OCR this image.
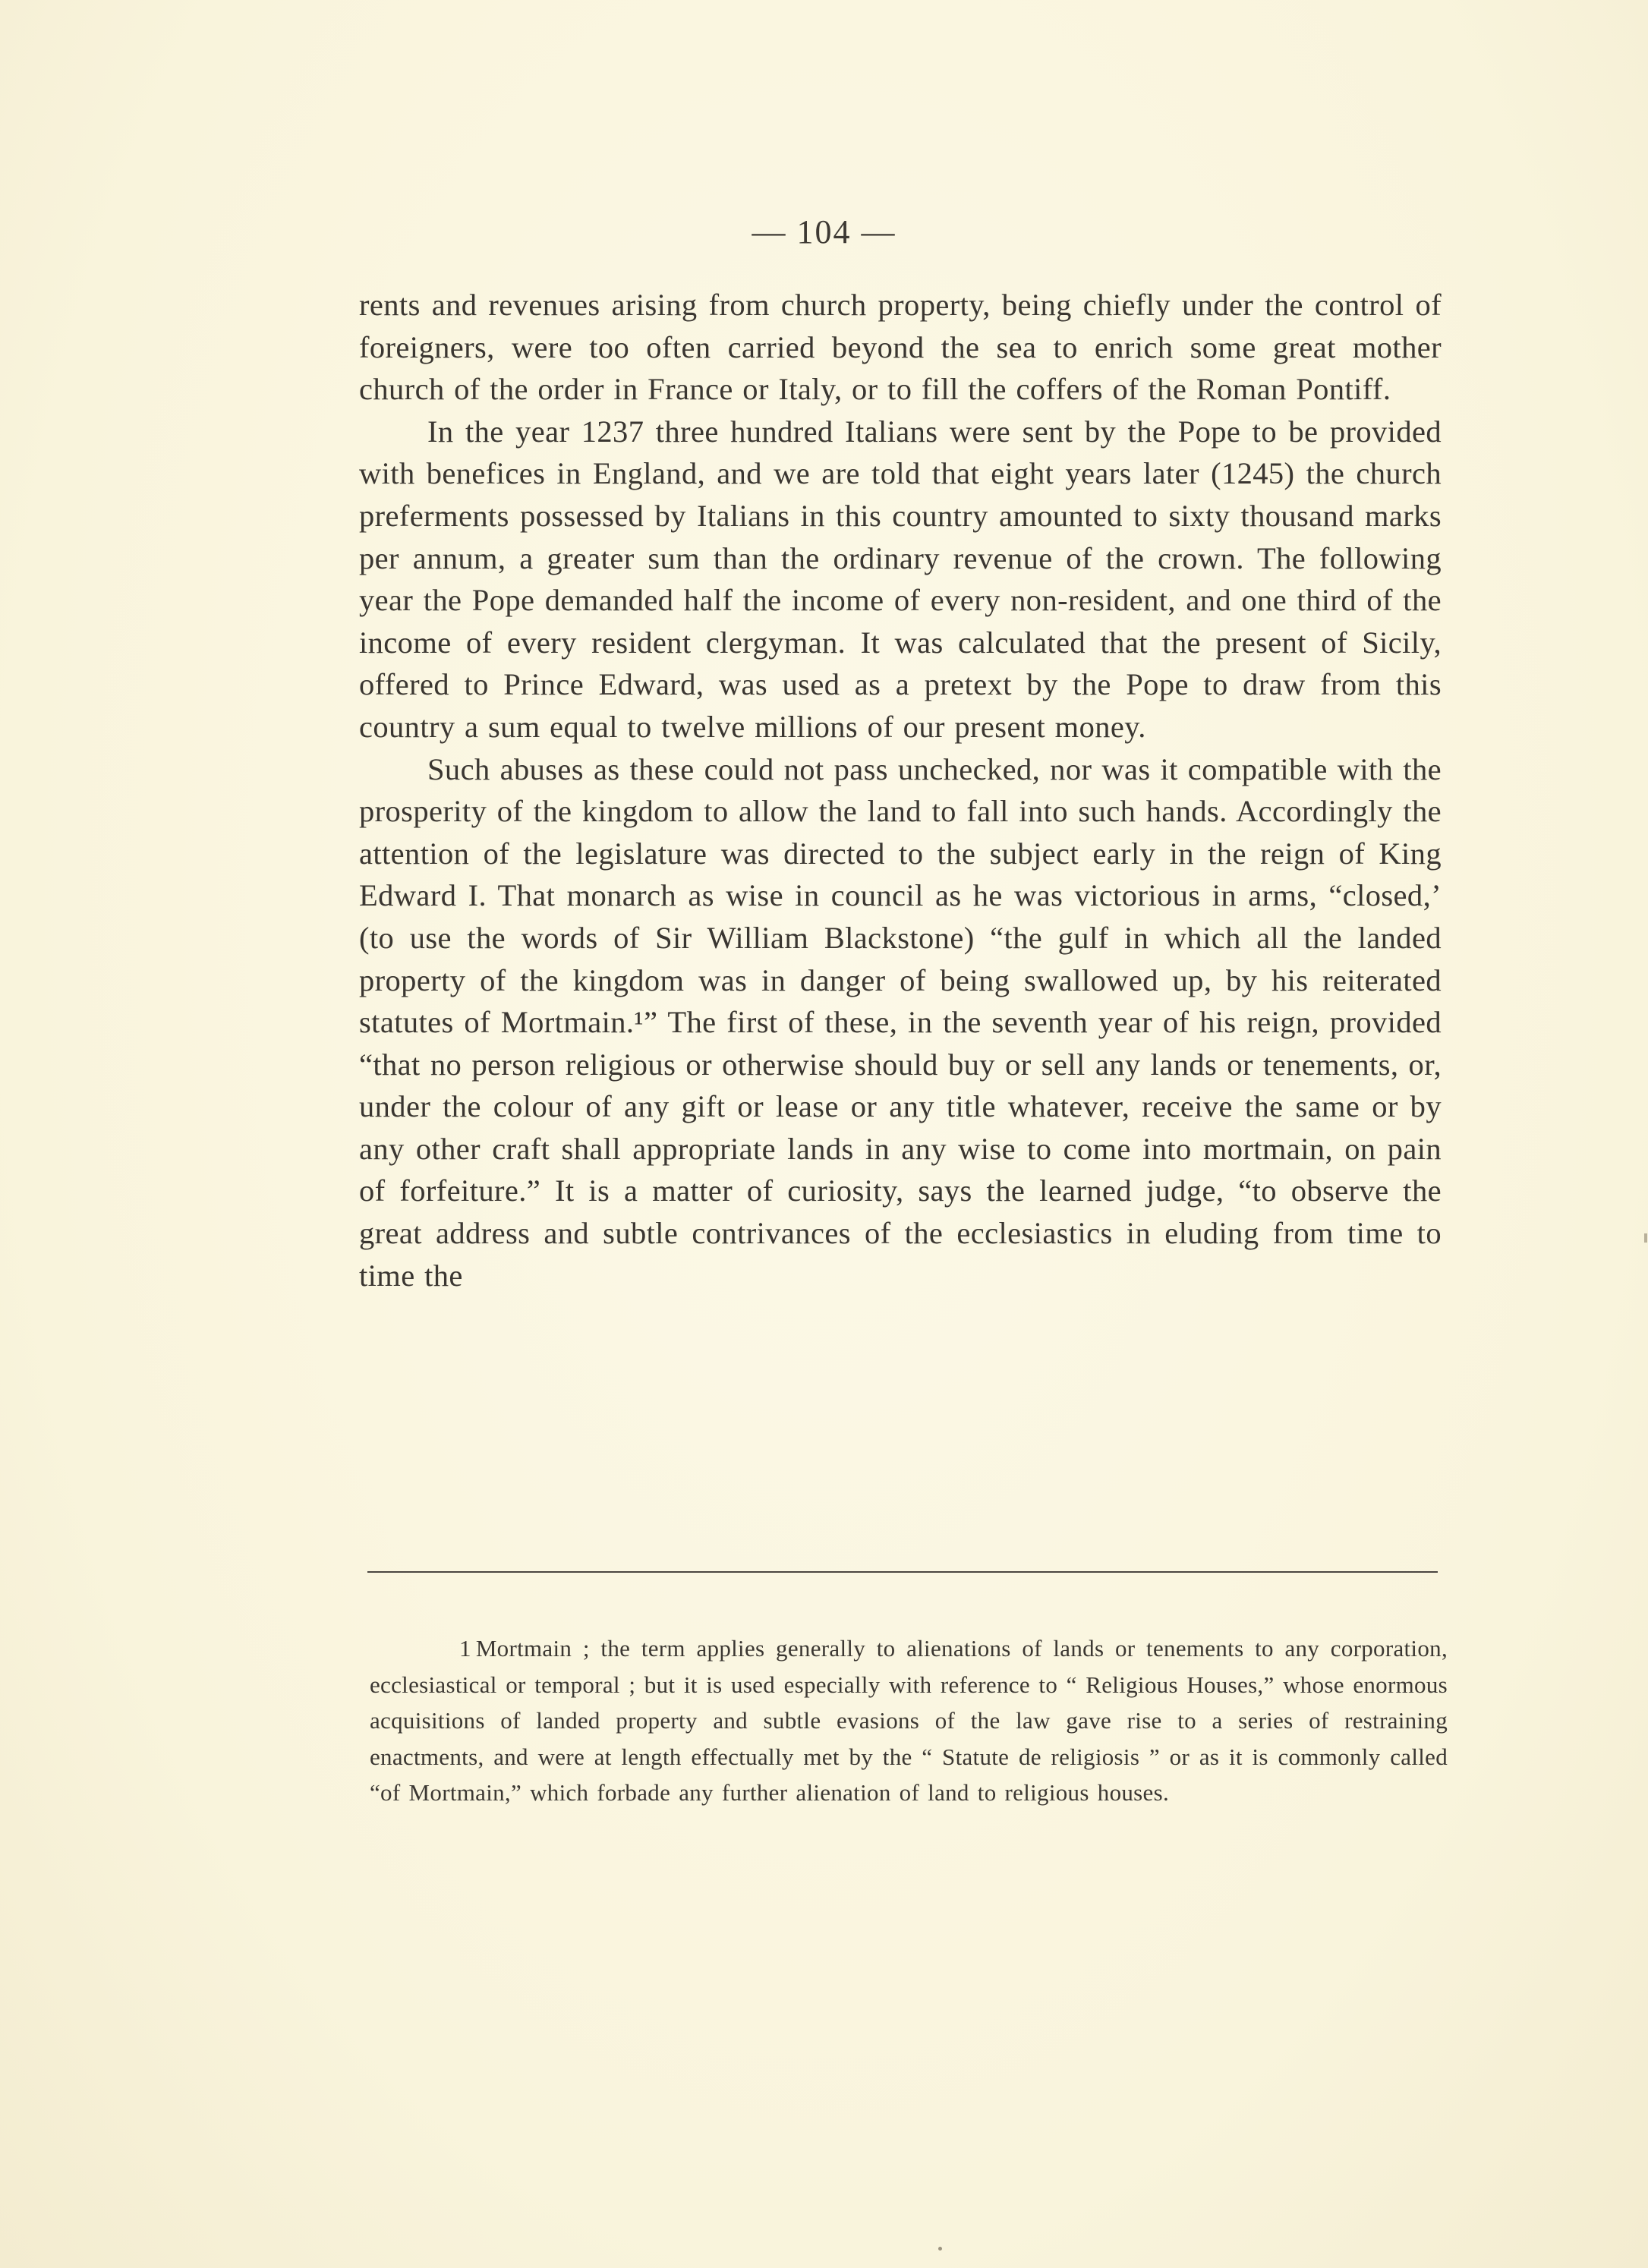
— 104 —

rents and revenues arising from church property, being chiefly under the control of foreigners, were too often carried beyond the sea to enrich some great mother church of the order in France or Italy, or to fill the coffers of the Roman Pontiff.

In the year 1237 three hundred Italians were sent by the Pope to be provided with benefices in England, and we are told that eight years later (1245) the church preferments possessed by Italians in this country amounted to sixty thousand marks per annum, a greater sum than the ordinary revenue of the crown. The following year the Pope demanded half the income of every non-resident, and one third of the income of every resident clergyman. It was calculated that the present of Sicily, offered to Prince Edward, was used as a pretext by the Pope to draw from this country a sum equal to twelve millions of our present money.

Such abuses as these could not pass unchecked, nor was it compatible with the prosperity of the kingdom to allow the land to fall into such hands. Accordingly the attention of the legislature was directed to the subject early in the reign of King Edward I. That monarch as wise in council as he was victorious in arms, “closed,’ (to use the words of Sir William Blackstone) “the gulf in which all the landed property of the kingdom was in danger of being swallowed up, by his reiterated statutes of Mortmain.¹” The first of these, in the seventh year of his reign, provided “that no person religious or otherwise should buy or sell any lands or tenements, or, under the colour of any gift or lease or any title whatever, receive the same or by any other craft shall appropriate lands in any wise to come into mortmain, on pain of forfeiture.” It is a matter of curiosity, says the learned judge, “to observe the great address and subtle contrivances of the ecclesiastics in eluding from time to time the

1 Mortmain ; the term applies generally to alienations of lands or tenements to any corporation, ecclesiastical or temporal ; but it is used especially with reference to “ Religious Houses,” whose enormous acquisitions of landed property and subtle evasions of the law gave rise to a series of restraining enactments, and were at length effectually met by the “ Statute de religiosis ” or as it is commonly called “of Mortmain,” which forbade any further alienation of land to religious houses.
